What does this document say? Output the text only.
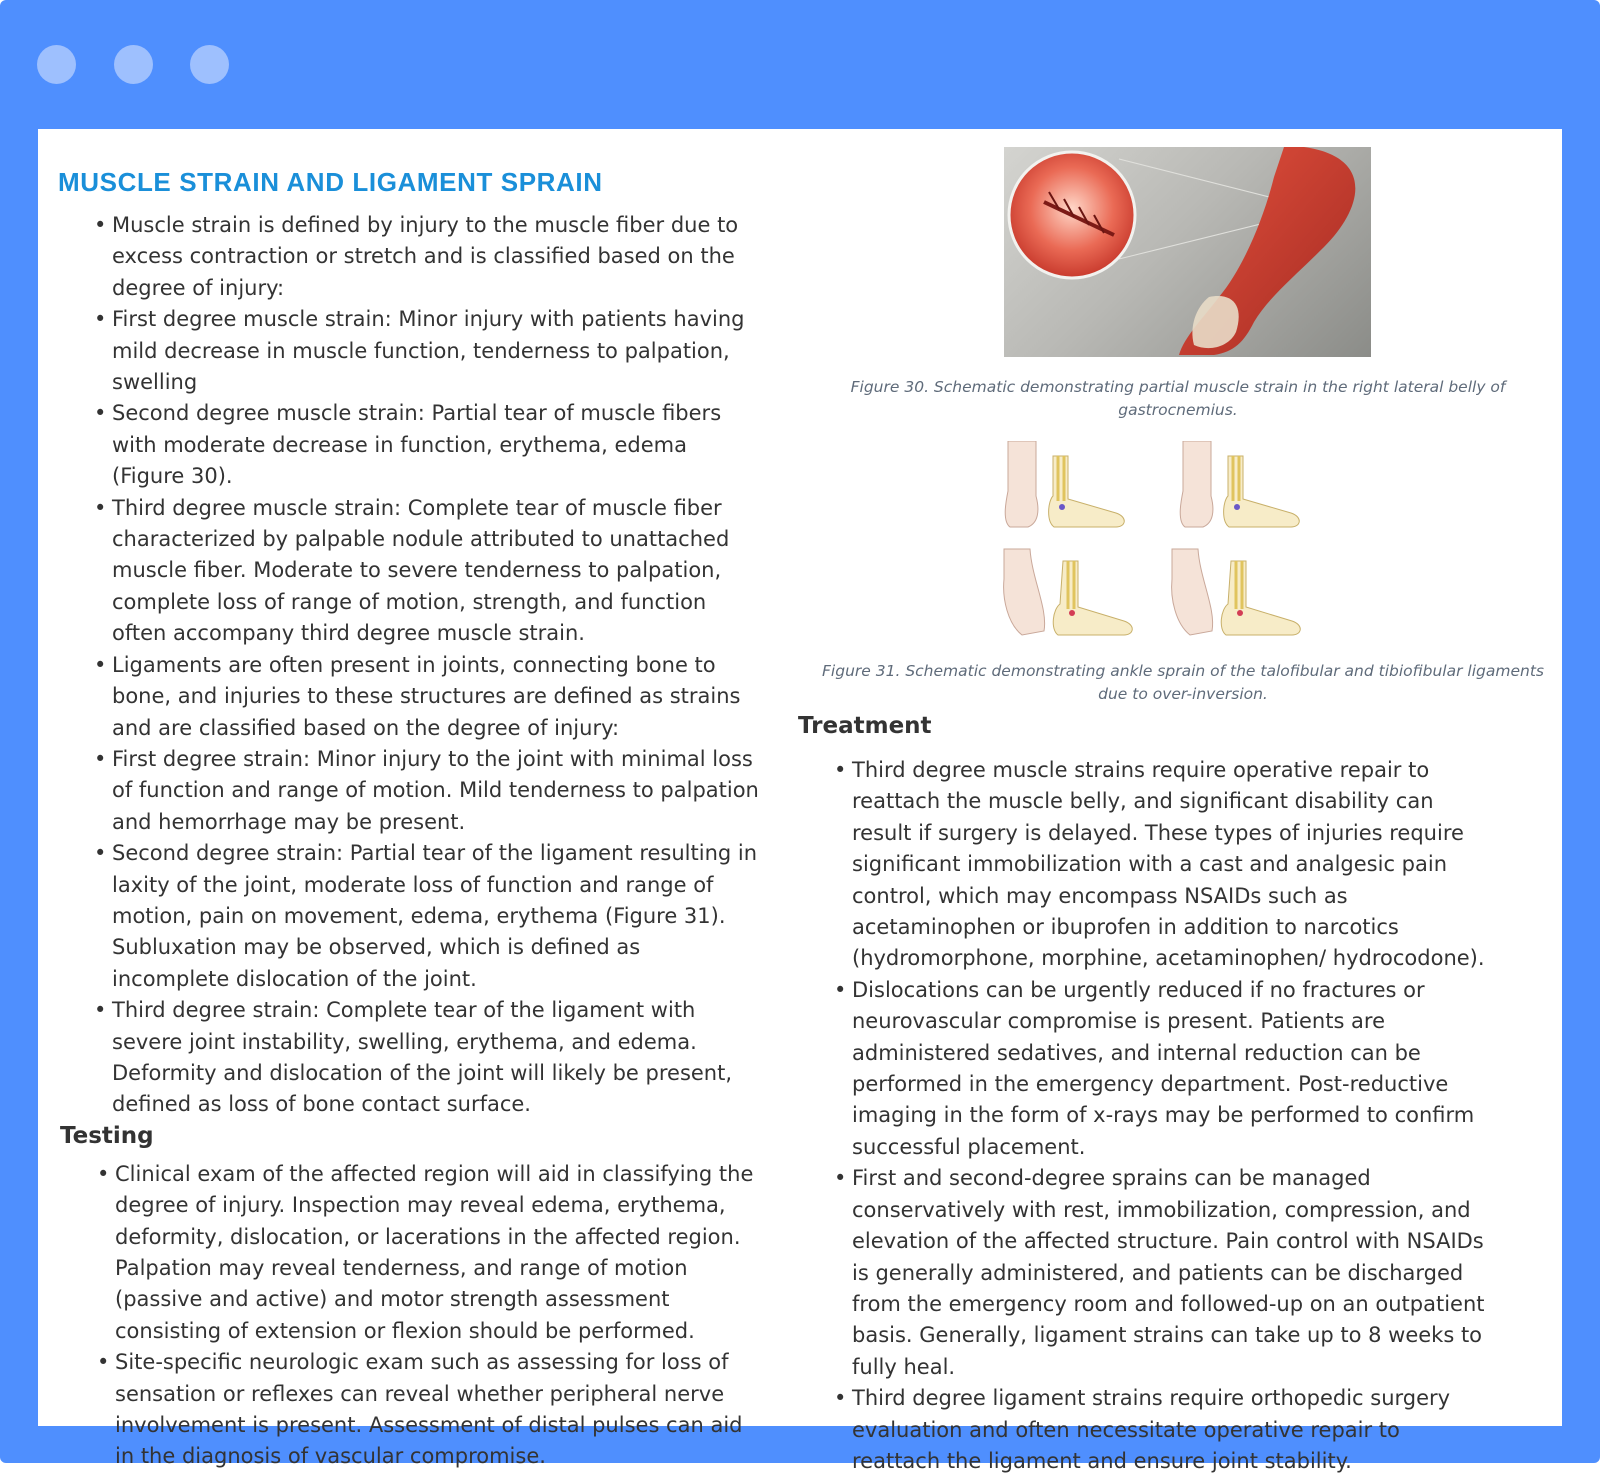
MUSCLE STRAIN AND LIGAMENT SPRAIN
• Muscle strain is defined by injury to the muscle fiber due to excess contraction or stretch and is classified based on the degree of injury:
• First degree muscle strain: Minor injury with patients having mild decrease in muscle function, tenderness to palpation, swelling
• Second degree muscle strain: Partial tear of muscle fibers with moderate decrease in function, erythema, edema (Figure 30).
• Third degree muscle strain: Complete tear of muscle fiber characterized by palpable nodule attributed to unattached muscle fiber. Moderate to severe tenderness to palpation, complete loss of range of motion, strength, and function often accompany third degree muscle strain.
• Ligaments are often present in joints, connecting bone to bone, and injuries to these structures are defined as strains and are classified based on the degree of injury:
• First degree strain: Minor injury to the joint with minimal loss of function and range of motion. Mild tenderness to palpation and hemorrhage may be present.
• Second degree strain: Partial tear of the ligament resulting in laxity of the joint, moderate loss of function and range of motion, pain on movement, edema, erythema (Figure 31). Subluxation may be observed, which is defined as incomplete dislocation of the joint.
• Third degree strain: Complete tear of the ligament with severe joint instability, swelling, erythema, and edema. Deformity and dislocation of the joint will likely be present, defined as loss of bone contact surface.
Testing
• Clinical exam of the affected region will aid in classifying the degree of injury. Inspection may reveal edema, erythema, deformity, dislocation, or lacerations in the affected region. Palpation may reveal tenderness, and range of motion (passive and active) and motor strength assessment consisting of extension or flexion should be performed.
• Site-specific neurologic exam such as assessing for loss of sensation or reflexes can reveal whether peripheral nerve involvement is present. Assessment of distal pulses can aid in the diagnosis of vascular compromise.

Figure 30. Schematic demonstrating partial muscle strain in the right lateral belly of gastrocnemius.

Figure 31. Schematic demonstrating ankle sprain of the talofibular and tibiofibular ligaments due to over-inversion.

Treatment
• Third degree muscle strains require operative repair to reattach the muscle belly, and significant disability can result if surgery is delayed. These types of injuries require significant immobilization with a cast and analgesic pain control, which may encompass NSAIDs such as acetaminophen or ibuprofen in addition to narcotics (hydromorphone, morphine, acetaminophen/ hydrocodone).
• Dislocations can be urgently reduced if no fractures or neurovascular compromise is present. Patients are administered sedatives, and internal reduction can be performed in the emergency department. Post-reductive imaging in the form of x-rays may be performed to confirm successful placement.
• First and second-degree sprains can be managed conservatively with rest, immobilization, compression, and elevation of the affected structure. Pain control with NSAIDs is generally administered, and patients can be discharged from the emergency room and followed-up on an outpatient basis. Generally, ligament strains can take up to 8 weeks to fully heal.
• Third degree ligament strains require orthopedic surgery evaluation and often necessitate operative repair to reattach the ligament and ensure joint stability.
